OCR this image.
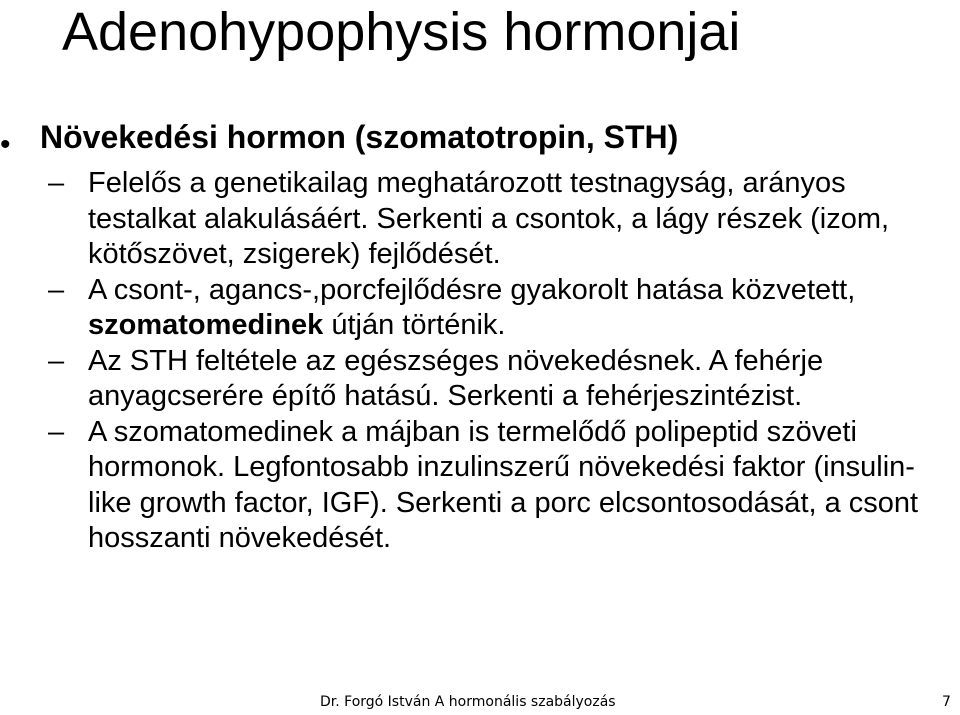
Adenohypophysis hormonjai
• Növekedési hormon (szomatotropin, STH)
– Felelős a genetikailag meghatározott testnagyság, arányos testalkat alakulásáért. Serkenti a csontok, a lágy részek (izom, kötőszövet, zsigerek) fejlődését.
– A csont-, agancs-,porcfejlődésre gyakorolt hatása közvetett, szomatomedinek útján történik.
– Az STH feltétele az egészséges növekedésnek. A fehérje anyagcserére építő hatású. Serkenti a fehérjeszintézist.
– A szomatomedinek a májban is termelődő polipeptid szöveti hormonok. Legfontosabb inzulinszerű növekedési faktor (insulin-like growth factor, IGF). Serkenti a porc elcsontosodását, a csont hosszanti növekedését.
Dr. Forgó István A hormonális szabályozás	7
